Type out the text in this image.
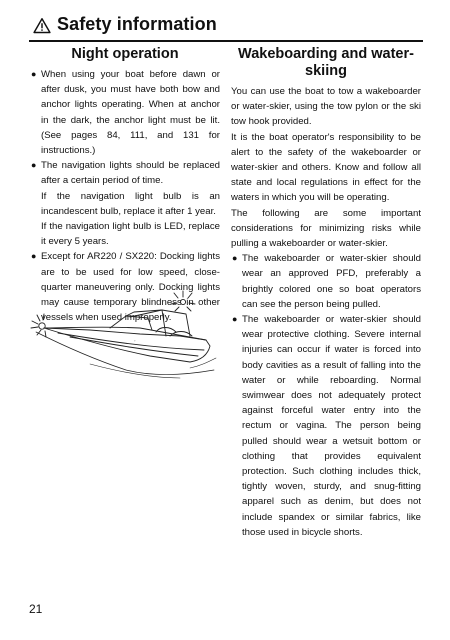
Safety information
Night operation

● When using your boat before dawn or after dusk, you must have both bow and anchor lights operating. When at anchor in the dark, the anchor light must be lit. (See pages 84, 111, and 131 for instructions.)

● The navigation lights should be replaced after a certain period of time.

If the navigation light bulb is an incandescent bulb, replace it after 1 year.

If the navigation light bulb is LED, replace it every 5 years.

● Except for AR220 / SX220: Docking lights are to be used for low speed, close-quarter maneuvering only. Docking lights may cause temporary blindness in other vessels when used improperly.

◦
Wakeboarding and water-skiing

You can use the boat to tow a wakeboarder or water-skier, using the tow pylon or the ski tow hook provided.

It is the boat operator's responsibility to be alert to the safety of the wakeboarder or water-skier and others. Know and follow all state and local regulations in effect for the waters in which you will be operating.

The following are some important considerations for minimizing risks while pulling a wakeboarder or water-skier.

● The wakeboarder or water-skier should wear an approved PFD, preferably a brightly colored one so boat operators can see the person being pulled.

● The wakeboarder or water-skier should wear protective clothing. Severe internal injuries can occur if water is forced into body cavities as a result of falling into the water or while reboarding. Normal swimwear does not adequately protect against forceful water entry into the rectum or vagina. The person being pulled should wear a wetsuit bottom or clothing that provides equivalent protection. Such clothing includes thick, tightly woven, sturdy, and snug-fitting apparel such as denim, but does not include spandex or similar fabrics, like those used in bicycle shorts.

21
